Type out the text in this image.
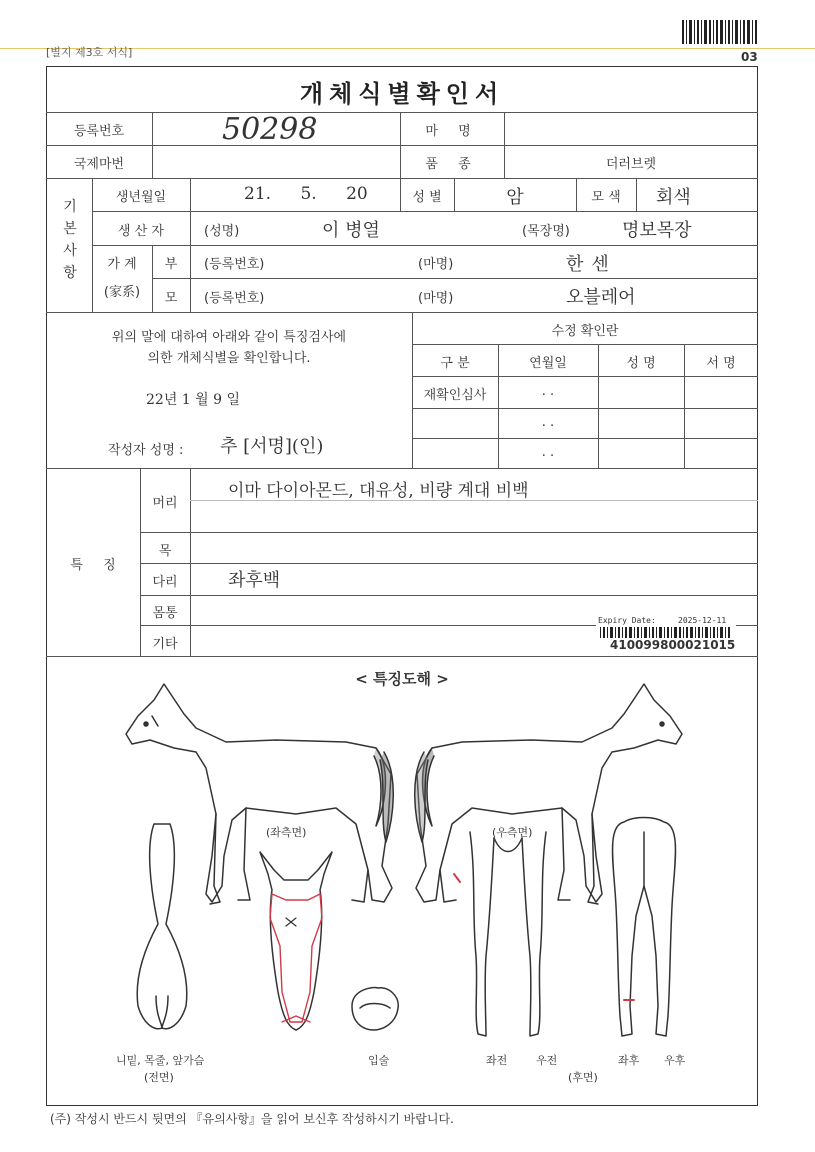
[별지 제3호 서식]	03
개체식별확인서
등록번호	50298	마 명
국제마번	품 종	더러브렛
기본사항
생년월일	21. 5. 20	성 별	암	모 색	회색
생 산 자	(성명)	이 병열	(목장명)	명보목장
가 계
(家系)
부	(등록번호)	(마명)	한센
모	(등록번호)	(마명)	오블레어
위의 말에 대하여 아래와 같이 특징검사에
의한 개체식별을 확인합니다.
22년 1 월 9 일
작성자 성명 : 추 [서명](인)
수정 확인란
구 분	연월일	성 명	서 명
재확인심사	. .
. .
. .
특 징
머리
이마 다이아몬드, 대유성, 비량 계대 비백
목
다리	좌후백
몸통
기타
Expiry Date:	2025-12-11
410099800021015
< 특징도해 >
(좌측면)	(우측면)
니밑, 목줄, 앞가슴
(전면)
입술	좌전	우전	좌후 우후
(후면)
(주) 작성시 반드시 뒷면의 『유의사항』을 읽어 보신후 작성하시기 바랍니다.
